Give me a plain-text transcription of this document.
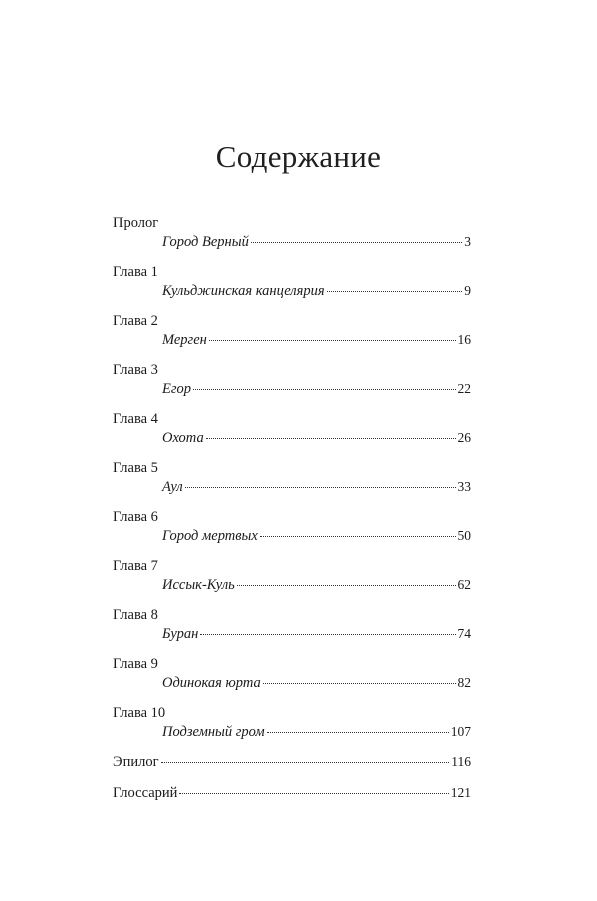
Содержание
Пролог
Город Верный	3
Глава 1
Кульджинская канцелярия	9
Глава 2
Мерген	16
Глава 3
Егор	22
Глава 4
Охота	26
Глава 5
Аул	33
Глава 6
Город мертвых	50
Глава 7
Иссык-Куль	62
Глава 8
Буран	74
Глава 9
Одинокая юрта	82
Глава 10
Подземный гром	107
Эпилог	116
Глоссарий	121
